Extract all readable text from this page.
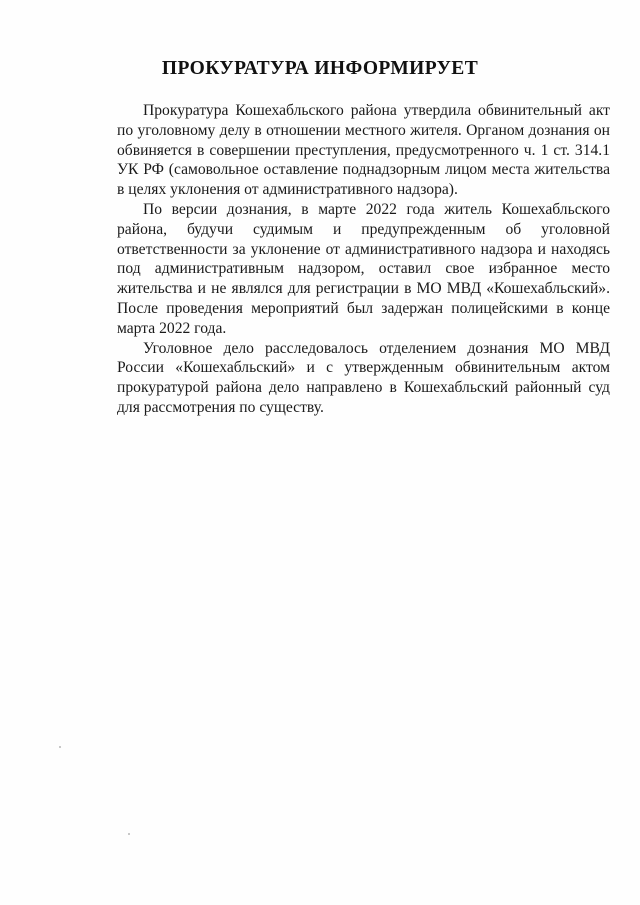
ПРОКУРАТУРА ИНФОРМИРУЕТ

Прокуратура Кошехабльского района утвердила обвинительный акт по уголовному делу в отношении местного жителя. Органом дознания он обвиняется в совершении преступления, предусмотренного ч. 1 ст. 314.1 УК РФ (самовольное оставление поднадзорным лицом места жительства в целях уклонения от административного надзора).

По версии дознания, в марте 2022 года житель Кошехабльского района, будучи судимым и предупрежденным об уголовной ответственности за уклонение от административного надзора и находясь под административным надзором, оставил свое избранное место жительства и не являлся для регистрации в МО МВД «Кошехабльский». После проведения мероприятий был задержан полицейскими в конце марта 2022 года.

Уголовное дело расследовалось отделением дознания МО МВД России «Кошехабльский» и с утвержденным обвинительным актом прокуратурой района дело направлено в Кошехабльский районный суд для рассмотрения по существу.
